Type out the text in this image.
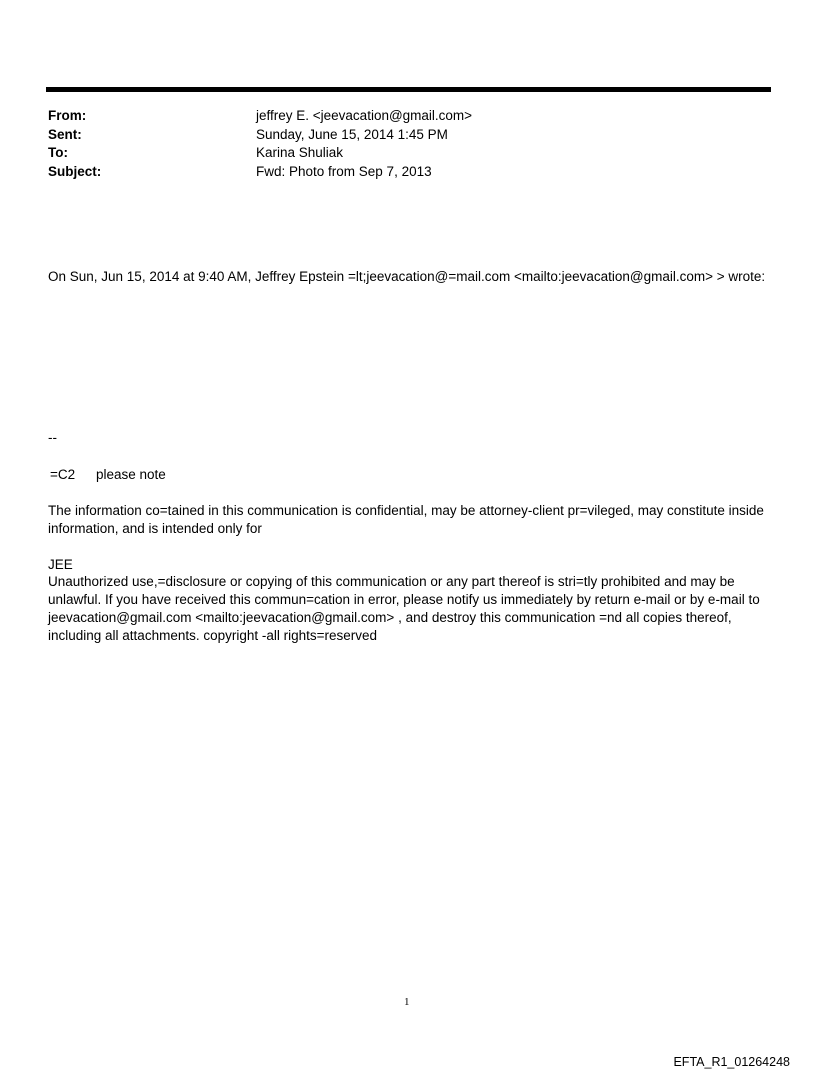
From:	jeffrey E. <jeevacation@gmail.com>
Sent:	Sunday, June 15, 2014 1:45 PM
To:	Karina Shuliak
Subject:	Fwd: Photo from Sep 7, 2013
On Sun, Jun 15, 2014 at 9:40 AM, Jeffrey Epstein =lt;jeevacation@=mail.com <mailto:jeevacation@gmail.com> > wrote:
--
=C2 please note
The information co=tained in this communication is confidential, may be attorney-client pr=vileged, may constitute inside information, and is intended only for
JEE
Unauthorized use,=disclosure or copying of this communication or any part thereof is stri=tly prohibited and may be unlawful. If you have received this commun=cation in error, please notify us immediately by return e-mail or by e-mail to jeevacation@gmail.com <mailto:jeevacation@gmail.com> , and destroy this communication =nd all copies thereof, including all attachments. copyright -all rights=reserved
1
EFTA_R1_01264248
